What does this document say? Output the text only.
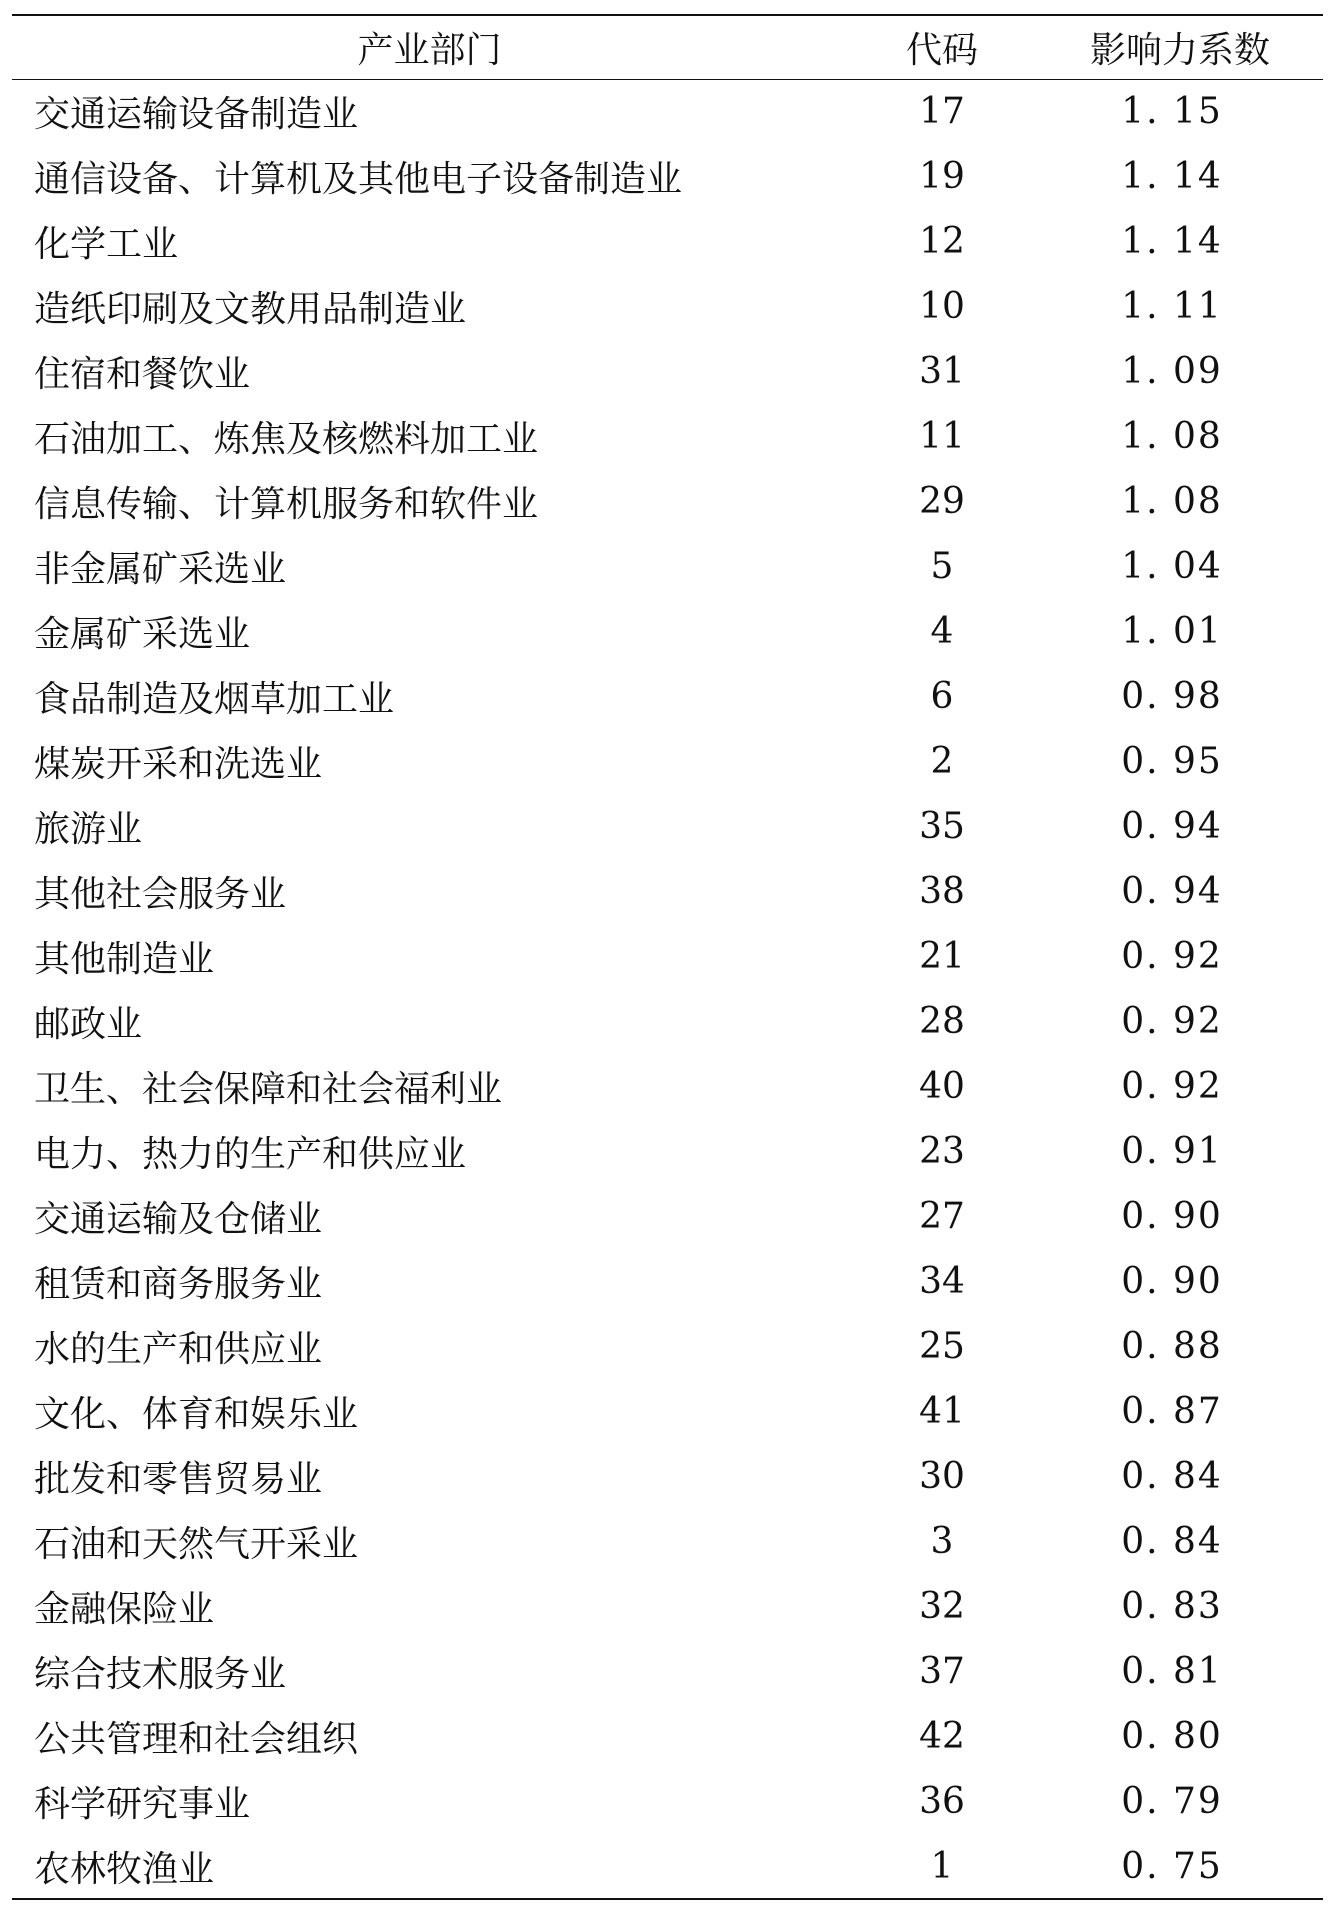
产业部门	代码	影响力系数
交通运输设备制造业	17	1. 15
通信设备、计算机及其他电子设备制造业	19	1. 14
化学工业	12	1. 14
造纸印刷及文教用品制造业	10	1. 11
住宿和餐饮业	31	1. 09
石油加工、炼焦及核燃料加工业	11	1. 08
信息传输、计算机服务和软件业	29	1. 08
非金属矿采选业	5	1. 04
金属矿采选业	4	1. 01
食品制造及烟草加工业	6	0. 98
煤炭开采和洗选业	2	0. 95
旅游业	35	0. 94
其他社会服务业	38	0. 94
其他制造业	21	0. 92
邮政业	28	0. 92
卫生、社会保障和社会福利业	40	0. 92
电力、热力的生产和供应业	23	0. 91
交通运输及仓储业	27	0. 90
租赁和商务服务业	34	0. 90
水的生产和供应业	25	0. 88
文化、体育和娱乐业	41	0. 87
批发和零售贸易业	30	0. 84
石油和天然气开采业	3	0. 84
金融保险业	32	0. 83
综合技术服务业	37	0. 81
公共管理和社会组织	42	0. 80
科学研究事业	36	0. 79
农林牧渔业	1	0. 75
